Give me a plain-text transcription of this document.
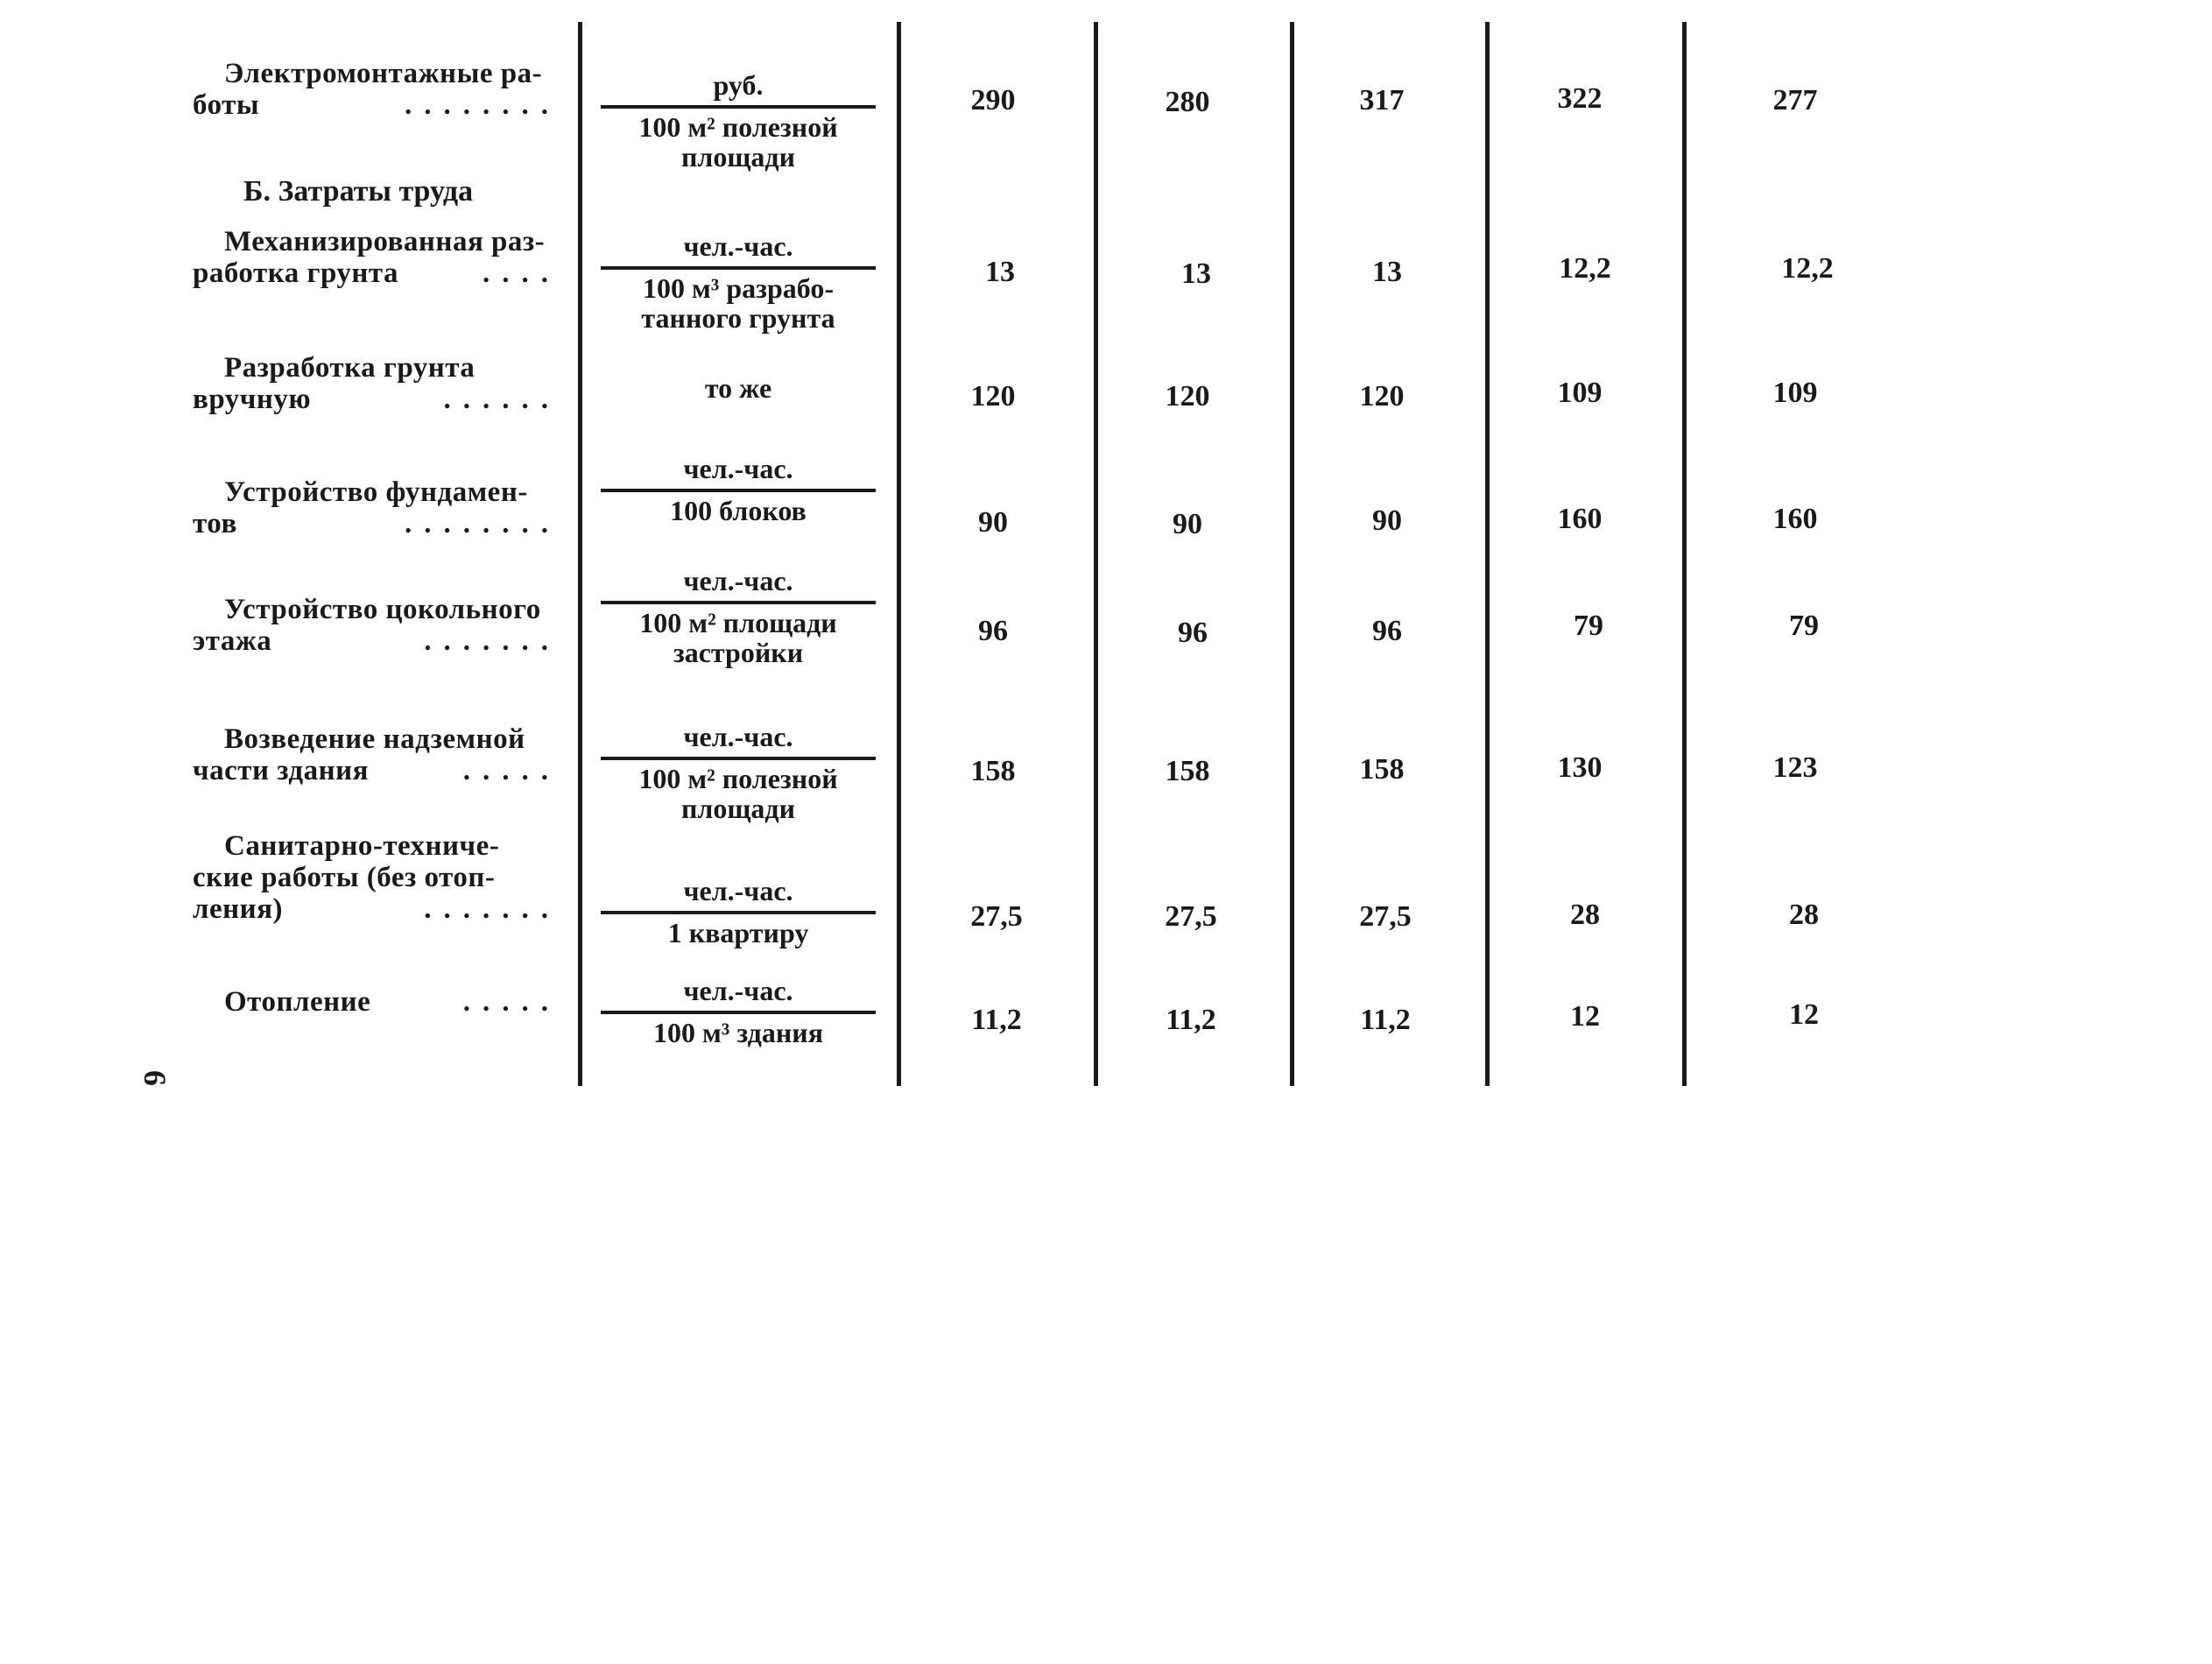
Электромонтажные ра-
боты	........
руб.
100 м² полезной
площади
290	280	317	322	277
Б. Затраты труда
Механизированная раз-
работка грунта	....
чел.-час.
100 м³ разрабо-
танного грунта
13	13	13	12,2	12,2
Разработка грунта
вручную	......	то же	120	120	120	109	109
Устройство фундамен-
тов	........
чел.-час.
100 блоков	90	90	90	160	160
Устройство цокольного
этажа	.......
чел.-час.
100 м² площади
застройки
96	96	96	79	79
Возведение надземной
части здания	.....
чел.-час.
100 м² полезной
площади
158	158	158	130	123
Санитарно-техниче-
ские работы (без отоп-
ления)	.......
чел.-час.
1 квартиру	27,5	27,5	27,5	28	28
Отопление	.....	чел.-час.
100 м³ здания	11,2	11,2	11,2	12	12
6
